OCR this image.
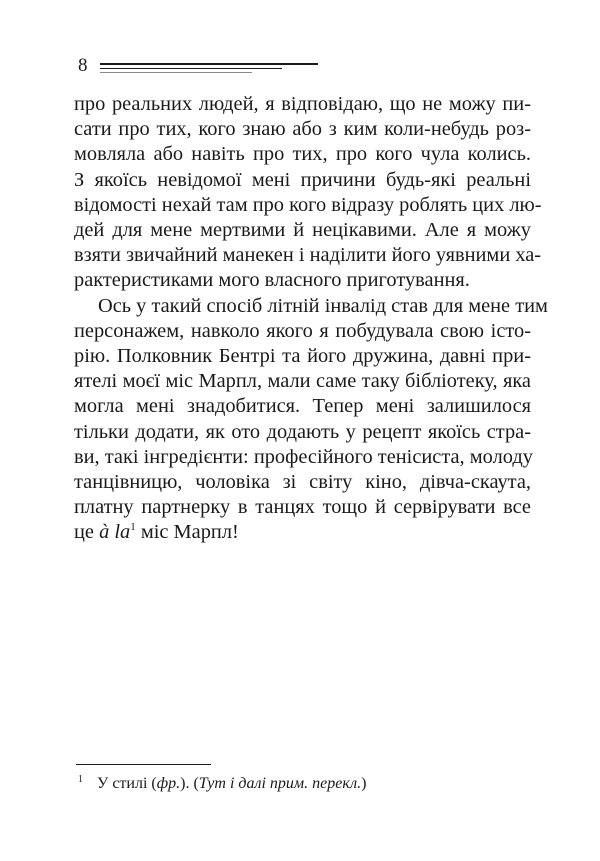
8
про реальних людей, я відповідаю, що не можу пи-
сати про тих, кого знаю або з ким коли-небудь роз-
мовляла або навіть про тих, про кого чула колись.
З якоїсь невідомої мені причини будь-які реальні
відомості нехай там про кого відразу роблять цих лю-
дей для мене мертвими й нецікавими. Але я можу
взяти звичайний манекен і наділити його уявними ха-
рактеристиками мого власного приготування.
Ось у такий спосіб літній інвалід став для мене тим
персонажем, навколо якого я побудувала свою істо-
рію. Полковник Бентрі та його дружина, давні при-
ятелі моєї міс Марпл, мали саме таку бібліотеку, яка
могла мені знадобитися. Тепер мені залишилося
тільки додати, як ото додають у рецепт якоїсь стра-
ви, такі інгредієнти: професійного тенісиста, молоду
танцівницю, чоловіка зі світу кіно, дівча-скаута,
платну партнерку в танцях тощо й сервірувати все
це à $la^1$ міс Марпл!
$^1$ У стилі (фр.). (Тут і далі прим. перекл.)
